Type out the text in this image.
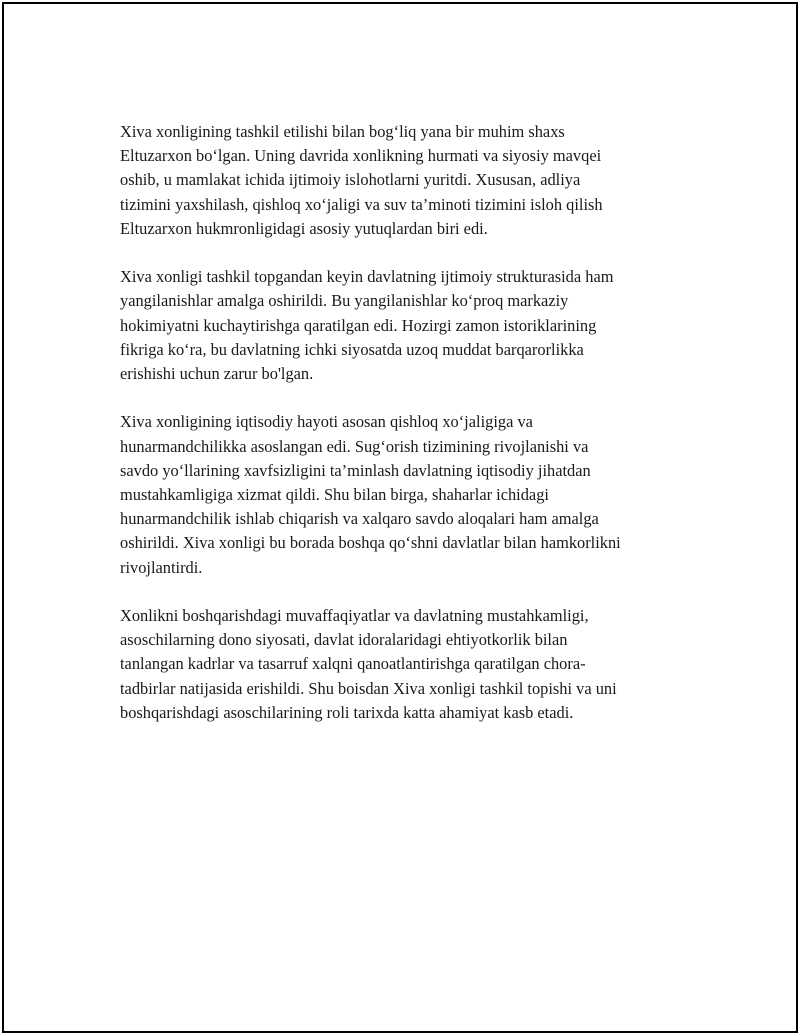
Xiva xonligining tashkil etilishi bilan bog‘liq yana bir muhim shaxs
Eltuzarxon bo‘lgan. Uning davrida xonlikning hurmati va siyosiy mavqei
oshib, u mamlakat ichida ijtimoiy islohotlarni yuritdi. Xususan, adliya
tizimini yaxshilash, qishloq xo‘jaligi va suv ta’minoti tizimini isloh qilish
Eltuzarxon hukmronligidagi asosiy yutuqlardan biri edi.

Xiva xonligi tashkil topgandan keyin davlatning ijtimoiy strukturasida ham
yangilanishlar amalga oshirildi. Bu yangilanishlar ko‘proq markaziy
hokimiyatni kuchaytirishga qaratilgan edi. Hozirgi zamon istoriklarining
fikriga ko‘ra, bu davlatning ichki siyosatda uzoq muddat barqarorlikka
erishishi uchun zarur bo'lgan.

Xiva xonligining iqtisodiy hayoti asosan qishloq xo‘jaligiga va
hunarmandchilikka asoslangan edi. Sug‘orish tizimining rivojlanishi va
savdo yo‘llarining xavfsizligini ta’minlash davlatning iqtisodiy jihatdan
mustahkamligiga xizmat qildi. Shu bilan birga, shaharlar ichidagi
hunarmandchilik ishlab chiqarish va xalqaro savdo aloqalari ham amalga
oshirildi. Xiva xonligi bu borada boshqa qo‘shni davlatlar bilan hamkorlikni
rivojlantirdi.

Xonlikni boshqarishdagi muvaffaqiyatlar va davlatning mustahkamligi,
asoschilarning dono siyosati, davlat idoralaridagi ehtiyotkorlik bilan
tanlangan kadrlar va tasarruf xalqni qanoatlantirishga qaratilgan chora-
tadbirlar natijasida erishildi. Shu boisdan Xiva xonligi tashkil topishi va uni
boshqarishdagi asoschilarining roli tarixda katta ahamiyat kasb etadi.
